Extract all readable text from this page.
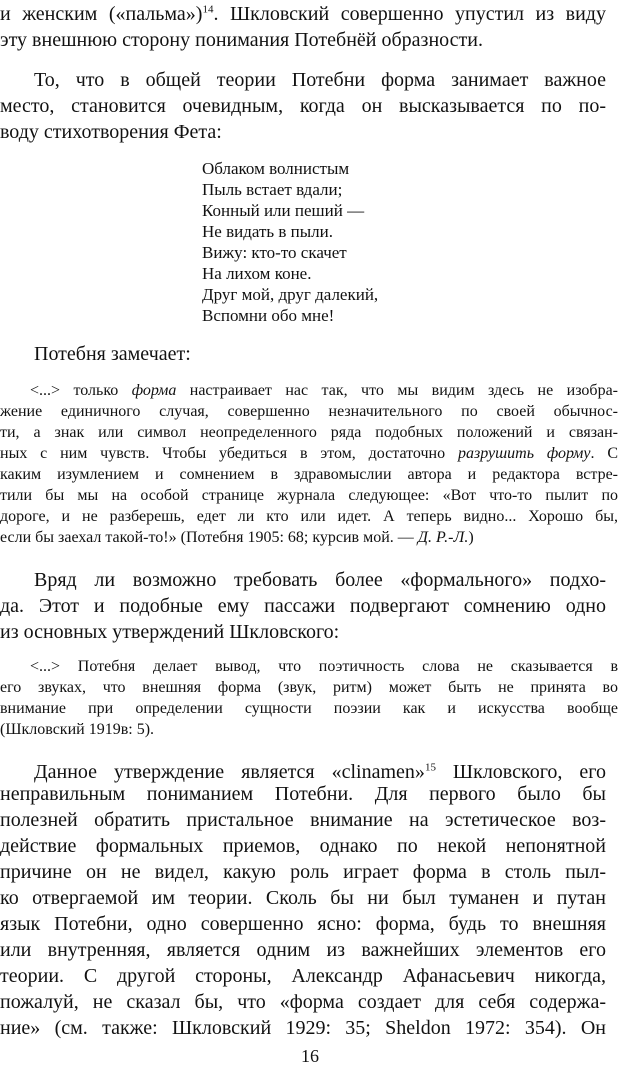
и женским («пальма»)$^{14}$. Шкловский совершенно упустил из виду
эту внешнюю сторону понимания Потебнёй образности.
То, что в общей теории Потебни форма занимает важное
место, становится очевидным, когда он высказывается по по-
воду стихотворения Фета:
Облаком волнистым
Пыль встает вдали;
Конный или пеший —
Не видать в пыли.
Вижу: кто-то скачет
На лихом коне.
Друг мой, друг далекий,
Вспомни обо мне!
Потебня замечает:
<...> только форма настраивает нас так, что мы видим здесь не изобра-
жение единичного случая, совершенно незначительного по своей обычнос-
ти, а знак или символ неопределенного ряда подобных положений и связан-
ных с ним чувств. Чтобы убедиться в этом, достаточно разрушить форму. С
каким изумлением и сомнением в здравомыслии автора и редактора встре-
тили бы мы на особой странице журнала следующее: «Вот что-то пылит по
дороге, и не разберешь, едет ли кто или идет. А теперь видно... Хорошо бы,
если бы заехал такой-то!» (Потебня 1905: 68; курсив мой. — Д. Р.-Л.)
Вряд ли возможно требовать более «формального» подхо-
да. Этот и подобные ему пассажи подвергают сомнению одно
из основных утверждений Шкловского:
<...> Потебня делает вывод, что поэтичность слова не сказывается в
его звуках, что внешняя форма (звук, ритм) может быть не принята во
внимание при определении сущности поэзии как и искусства вообще
(Шкловский 1919в: 5).
Данное утверждение является «clinamen»$^{15}$ Шкловского, его
неправильным пониманием Потебни. Для первого было бы
полезней обратить пристальное внимание на эстетическое воз-
действие формальных приемов, однако по некой непонятной
причине он не видел, какую роль играет форма в столь пыл-
ко отвергаемой им теории. Сколь бы ни был туманен и путан
язык Потебни, одно совершенно ясно: форма, будь то внешняя
или внутренняя, является одним из важнейших элементов его
теории. С другой стороны, Александр Афанасьевич никогда,
пожалуй, не сказал бы, что «форма создает для себя содержа-
ние» (см. также: Шкловский 1929: 35; Sheldon 1972: 354). Он
16
